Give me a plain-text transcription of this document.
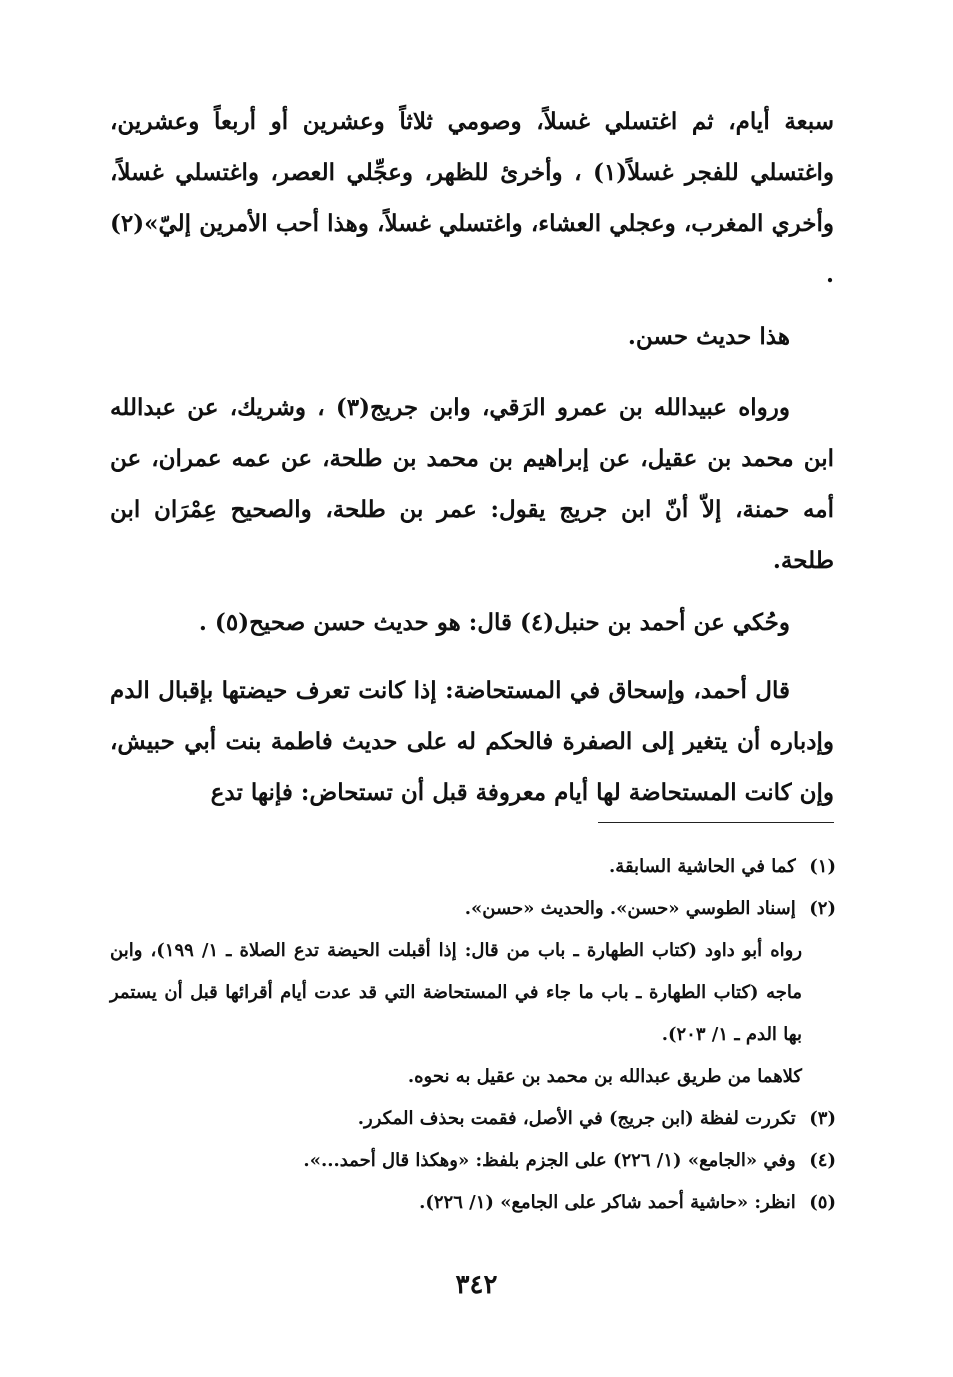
سبعة أيام، ثم اغتسلي غسلاً، وصومي ثلاثاً وعشرين أو أربعاً وعشرين، واغتسلي للفجر غسلاً(١) ، وأخرئ للظهر، وعجِّلي العصر، واغتسلي غسلاً، وأخري المغرب، وعجلي العشاء، واغتسلي غسلاً، وهذا أحب الأمرين إليّ»(٢) .

هذا حديث حسن.

ورواه عبيدالله بن عمرو الرَقي، وابن جريج(٣) ، وشريك، عن عبدالله ابن محمد بن عقيل، عن إبراهيم بن محمد بن طلحة، عن عمه عمران، عن أمه حمنة، إلاّ أنّ ابن جريج يقول: عمر بن طلحة، والصحيح عِمْرَان ابن طلحة.

وحُكي عن أحمد بن حنبل(٤) قال: هو حديث حسن صحيح(٥) .

قال أحمد، وإسحاق في المستحاضة: إذا كانت تعرف حيضتها بإقبال الدم وإدباره أن يتغير إلى الصفرة فالحكم له على حديث فاطمة بنت أبي حبيش، وإن كانت المستحاضة لها أيام معروفة قبل أن تستحاض: فإنها تدع

(١) كما في الحاشية السابقة.
(٢) إسناد الطوسي «حسن». والحديث «حسن».
رواه أبو داود (كتاب الطهارة ـ باب من قال: إذا أقبلت الحيضة تدع الصلاة ـ ١/ ١٩٩)، وابن ماجه (كتاب الطهارة ـ باب ما جاء في المستحاضة التي قد عدت أيام أقرائها قبل أن يستمر بها الدم ـ ١/ ٢٠٣).
كلاهما من طريق عبدالله بن محمد بن عقيل به نحوه.
(٣) تكررت لفظة (ابن جريج) في الأصل، فقمت بحذف المكرر.
(٤) وفي «الجامع» (١/ ٢٢٦) على الجزم بلفظ: «وهكذا قال أحمد...».
(٥) انظر: «حاشية أحمد شاكر على الجامع» (١/ ٢٢٦).
٣٤٢
